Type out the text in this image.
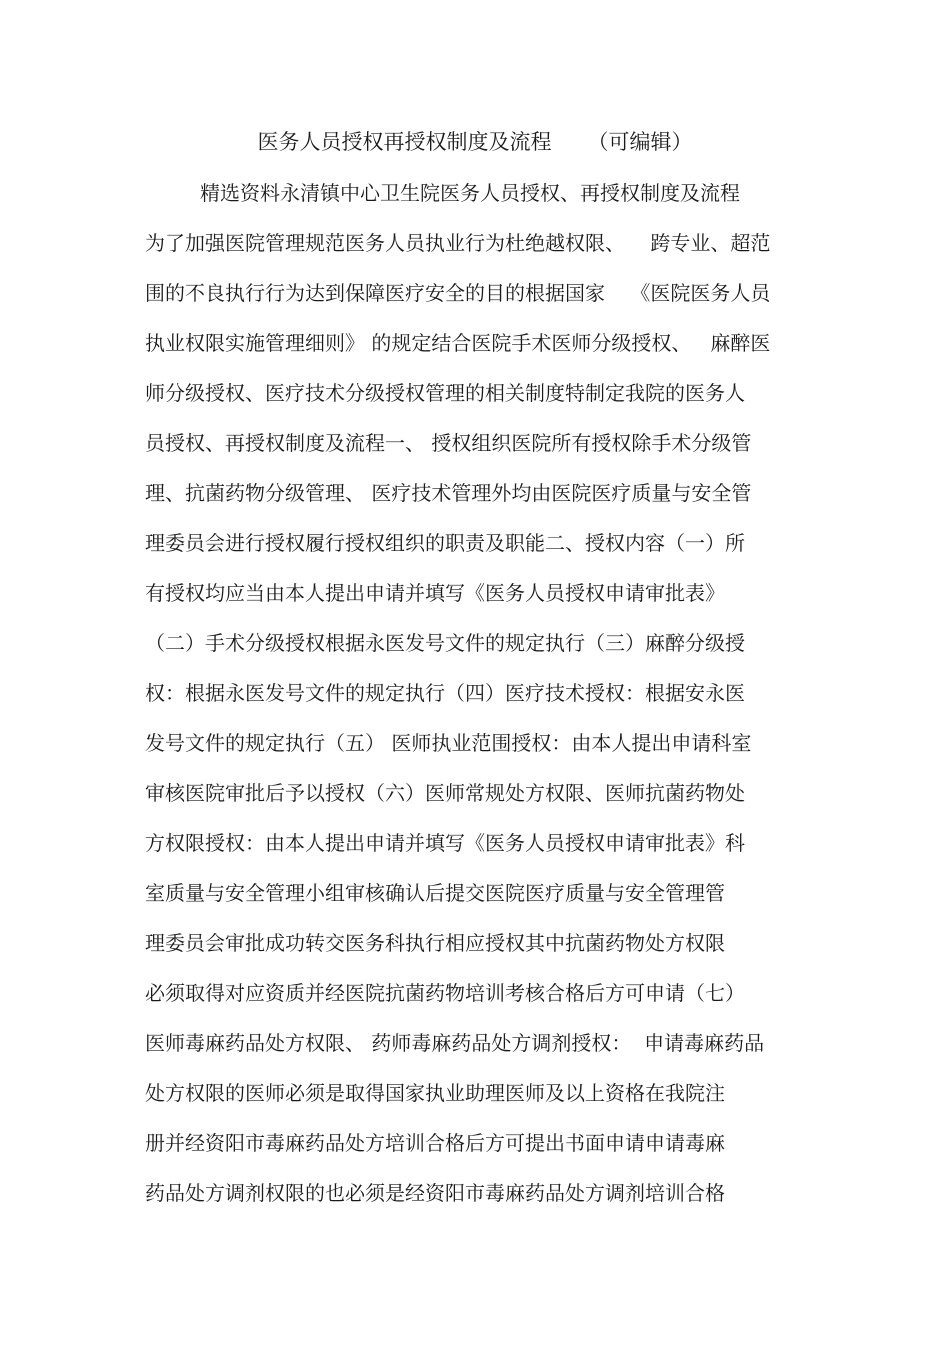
医务人员授权再授权制度及流程 （可编辑）
精选资料永清镇中心卫生院医务人员授权、再授权制度及流程
为了加强医院管理规范医务人员执业行为杜绝越权限、    跨专业、超范
围的不良执行行为达到保障医疗安全的目的根据国家    《医院医务人员
执业权限实施管理细则》 的规定结合医院手术医师分级授权、   麻醉医
师分级授权、医疗技术分级授权管理的相关制度特制定我院的医务人
员授权、再授权制度及流程一、 授权组织医院所有授权除手术分级管
理、抗菌药物分级管理、 医疗技术管理外均由医院医疗质量与安全管
理委员会进行授权履行授权组织的职责及职能二、授权内容（一）所
有授权均应当由本人提出申请并填写《医务人员授权申请审批表》
（二）手术分级授权根据永医发号文件的规定执行（三）麻醉分级授
权：根据永医发号文件的规定执行（四）医疗技术授权：根据安永医
发号文件的规定执行（五） 医师执业范围授权：由本人提出申请科室
审核医院审批后予以授权（六）医师常规处方权限、医师抗菌药物处
方权限授权：由本人提出申请并填写《医务人员授权申请审批表》科
室质量与安全管理小组审核确认后提交医院医疗质量与安全管理管
理委员会审批成功转交医务科执行相应授权其中抗菌药物处方权限
必须取得对应资质并经医院抗菌药物培训考核合格后方可申请（七）
医师毒麻药品处方权限、 药师毒麻药品处方调剂授权：  申请毒麻药品
处方权限的医师必须是取得国家执业助理医师及以上资格在我院注
册并经资阳市毒麻药品处方培训合格后方可提出书面申请申请毒麻
药品处方调剂权限的也必须是经资阳市毒麻药品处方调剂培训合格
